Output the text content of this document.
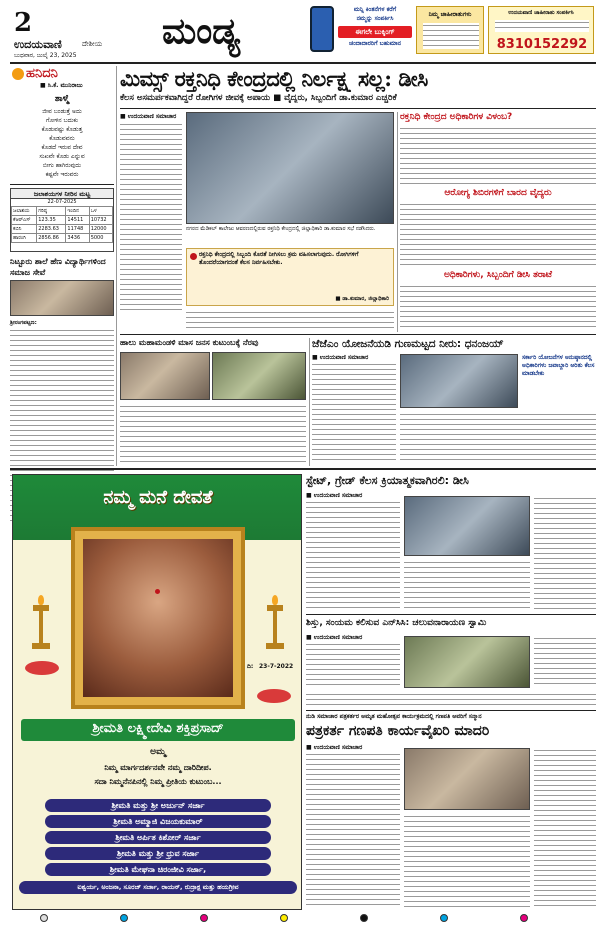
2
ಉದಯವಾಣಿ	ದೇಶೀಯ
ಬುಧವಾರ, ಜುಲೈ 23, 2025
ಮಂಡ್ಯ
ಮನ್ನಿ ಕಿಂತನೆಗಳ ಕರೆಗೆ
ನಮ್ಮನ್ನು ಸಂಪರ್ಕಿಸಿ
ಈಗಲೇ ಬುಕ್ಕಿಂಗ್
ಚಂದಾದಾರರಿಗೆ ಬಹುಮಾನ
ನಿಮ್ಮ ಜಾಹೀರಾತುಗಳು	ಉದಯವಾಣಿ ಜಾಹೀರಾತು ಸಂಪರ್ಕಿಸಿ
8310152292
ಹನಿದನಿ
■ ಸಿ.ಕೆ. ಮುನಿರಾಜು
ತಾಳ್ಮೆ
ಜೀವ ಬಂಡುತ್ತೆ ಅದು
ಗೋಳಿನ ಬದುಕು
ಕೊಡುವಷ್ಟು ಕೊಡುತ್ತ
ಕೊಡುವವನು
ಕೊಡದೆ ಇರುವ ದೇವ
ಸುಖವೇ ಕೊಡು ಎನ್ನುವ
ಬೀಗು ಹಾಗಿರುವುದು
ಕಷ್ಟವೇ ಇರುವರು
ಜಲಾಶಯಗಳ ನೀರಿನ ಮಟ್ಟ
22-07-2025
ಜಲಾಶಯ	ಗರಿಷ್ಠ	ಇಂದಿನ	ಒಳ
ಕೆಆರ್‌ಎಸ್	123.35	14511	10732
ಕಬಿನಿ	2283.63	11748	12000
ಹಾರಂಗಿ	2856.86	3436	5000
ನಿಟ್ಟೂರು ಶಾಲೆ ಹೆಣ ವಿದ್ಯಾರ್ಥಿಗಳಿಂದ ಸಮಾಜ ಸೇವೆ
ಶ್ರೀರಂಗಪಟ್ಟಣ:
ಮಿಮ್ಸ್ ರಕ್ತನಿಧಿ ಕೇಂದ್ರದಲ್ಲಿ ನಿರ್ಲಕ್ಷ್ಯ ಸಲ್ಲ: ಡೀಸಿ
ಕೆಲಸ ಅಸಮರ್ಪಕವಾಗಿದ್ದರೆ ರೋಗಿಗಳ ಜೀವಕ್ಕೆ ಅಪಾಯ ■ ವೈದ್ಯರು, ಸಿಬ್ಬಂದಿಗೆ ಡಾ.ಕುಮಾರ ಎಚ್ಚರಿಕೆ
■ ಉದಯವಾಣಿ ಸಮಾಚಾರ
ನಗರದ ಮೆಡಿಕಲ್ ಕಾಲೇಜು ಆವರಣದಲ್ಲಿರುವ ರಕ್ತನಿಧಿ ಕೇಂದ್ರದಲ್ಲಿ ಜಿಲ್ಲಾಧಿಕಾರಿ ಡಾ.ಕುಮಾರ ಸಭೆ ನಡೆಸಿದರು.
ರಕ್ತನಿಧಿ ಕೇಂದ್ರದಲ್ಲಿ ಸಿಬ್ಬಂದಿ ಕೊರತೆ ನೀಗಿಸಲು ಕ್ರಮ ವಹಿಸಲಾಗುವುದು. ರೋಗಿಗಳಿಗೆ ತೊಂದರೆಯಾಗದಂತೆ ಕೆಲಸ ನಿರ್ವಹಿಸಬೇಕು.
■ ಡಾ.ಕುಮಾರ, ಜಿಲ್ಲಾಧಿಕಾರಿ
ರಕ್ತನಿಧಿ ಕೇಂದ್ರದ ಅಧಿಕಾರಿಗಳ ವಿಳಂಬ?
ಆರೋಗ್ಯ ಶಿಬಿರಗಳಿಗೆ ಬಾರದ ವೈದ್ಯರು
ಅಧಿಕಾರಿಗಳು, ಸಿಬ್ಬಂದಿಗೆ ಡೀಸಿ ತರಾಟೆ
ಹಾಲು ಮಹಾಮಂಡಳಿ ಮಾಸ ಜನಸ ಕುಟುಂಬಕ್ಕೆ ನೆರವು	ಜೆಜೆಎಂ ಯೋಜನೆಯಡಿ ಗುಣಮಟ್ಟದ ನೀರು: ಧನಂಜಯ್
■ ಉದಯವಾಣಿ ಸಮಾಚಾರ	ಸರ್ಕಾರಿ ಯೋಜನೆಗಳ ಅನುಷ್ಠಾನದಲ್ಲಿ ಅಧಿಕಾರಿಗಳು ಜವಾಬ್ದಾರಿ ಅರಿತು ಕೆಲಸ ಮಾಡಬೇಕು
ನಮ್ಮ ಮನೆ ದೇವತೆ
ದಿ: 23-7-2022
ಶ್ರೀಮತಿ ಲಕ್ಷ್ಮೀದೇವಿ ಶಕ್ತಿಪ್ರಸಾದ್
ಅಮ್ಮ
ನಿಮ್ಮ ಮಾರ್ಗದರ್ಶನವೇ ನಮ್ಮ ದಾರಿದೀಪ.
ಸದಾ ನಿಮ್ಮನೆನಪಿನಲ್ಲಿ ನಿಮ್ಮ ಪ್ರೀತಿಯ ಕುಟುಂಬ...
ಶ್ರೀಮತಿ ಮತ್ತು ಶ್ರೀ ಅರ್ಜುನ್ ಸರ್ಜಾ
ಶ್ರೀಮತಿ ಅಮ್ಮಾಜಿ ವಿಜಯಕುಮಾರ್
ಶ್ರೀಮತಿ ಅರ್ಪಿತ ಕಿಶೋರ್ ಸರ್ಜಾ
ಶ್ರೀಮತಿ ಮತ್ತು ಶ್ರೀ ಧ್ರುವ ಸರ್ಜಾ
ಶ್ರೀಮತಿ ಮೇಘನಾ ಚಿರಂಜೀವಿ ಸರ್ಜಾ,
ಐಶ್ವರ್ಯ, ಅಂಜನಾ, ಸೂರಜ್ ಸರ್ಜಾ, ರಾಯನ್, ರುದ್ರಾಕ್ಷ ಮತ್ತು ಹಯಗ್ರೀವ
ಸ್ಟೇಟ್, ಗ್ರೇಡ್ ಕೆಲಸ ಕ್ರಿಯಾತ್ಮಕವಾಗಿರಲಿ: ಡೀಸಿ
■ ಉದಯವಾಣಿ ಸಮಾಚಾರ
ಶಿಸ್ತು, ಸಂಯಮ ಕಲಿಸುವ ಎನ್‌ಸಿಸಿ: ಚಲುವನಾರಾಯಣ ಸ್ವಾಮಿ
■ ಉದಯವಾಣಿ ಸಮಾಚಾರ
ನುಡಿ ಸಮಾಚಾರ ಪತ್ರಕರ್ತರ ಅಮೃತ ಮಹೋತ್ಸವ ಕಾರ್ಯಕ್ರಮದಲ್ಲಿ ಗಣಪತಿ ಅವರಿಗೆ ಸನ್ಮಾನ
ಪತ್ರಕರ್ತ ಗಣಪತಿ ಕಾರ್ಯವೈಖರಿ ಮಾದರಿ
■ ಉದಯವಾಣಿ ಸಮಾಚಾರ
